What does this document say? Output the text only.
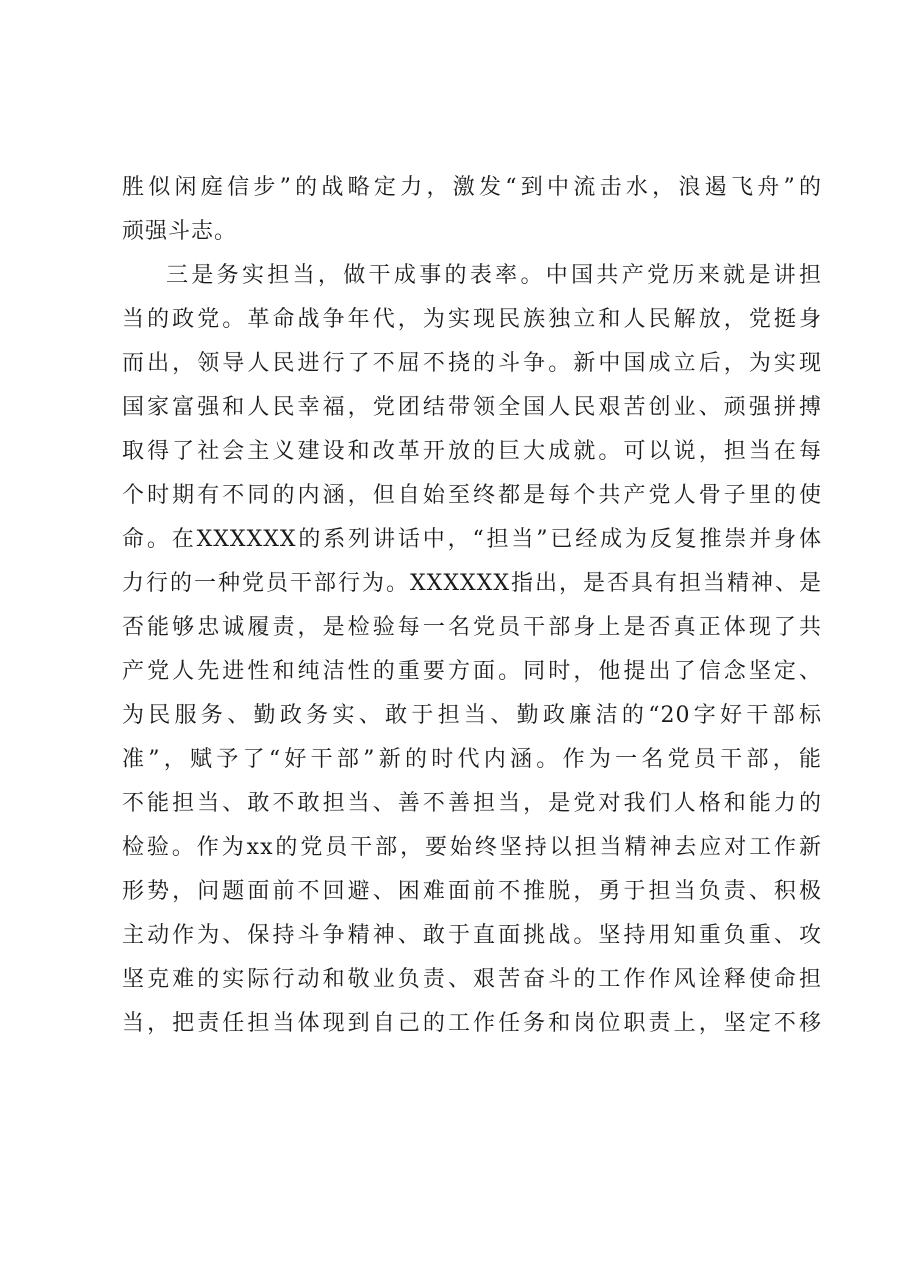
胜似闲庭信步”的战略定力，激发“到中流击水，浪遏飞舟”的
顽强斗志。
三是务实担当，做干成事的表率。中国共产党历来就是讲担
当的政党。革命战争年代，为实现民族独立和人民解放，党挺身
而出，领导人民进行了不屈不挠的斗争。新中国成立后，为实现
国家富强和人民幸福，党团结带领全国人民艰苦创业、顽强拼搏
取得了社会主义建设和改革开放的巨大成就。可以说，担当在每
个时期有不同的内涵，但自始至终都是每个共产党人骨子里的使
命。在XXXXXX的系列讲话中，“担当”已经成为反复推崇并身体
力行的一种党员干部行为。XXXXXX指出，是否具有担当精神、是
否能够忠诚履责，是检验每一名党员干部身上是否真正体现了共
产党人先进性和纯洁性的重要方面。同时，他提出了信念坚定、
为民服务、勤政务实、敢于担当、勤政廉洁的“20字好干部标
准”，赋予了“好干部”新的时代内涵。作为一名党员干部，能
不能担当、敢不敢担当、善不善担当，是党对我们人格和能力的
检验。作为xx的党员干部，要始终坚持以担当精神去应对工作新
形势，问题面前不回避、困难面前不推脱，勇于担当负责、积极
主动作为、保持斗争精神、敢于直面挑战。坚持用知重负重、攻
坚克难的实际行动和敬业负责、艰苦奋斗的工作作风诠释使命担
当，把责任担当体现到自己的工作任务和岗位职责上，坚定不移
